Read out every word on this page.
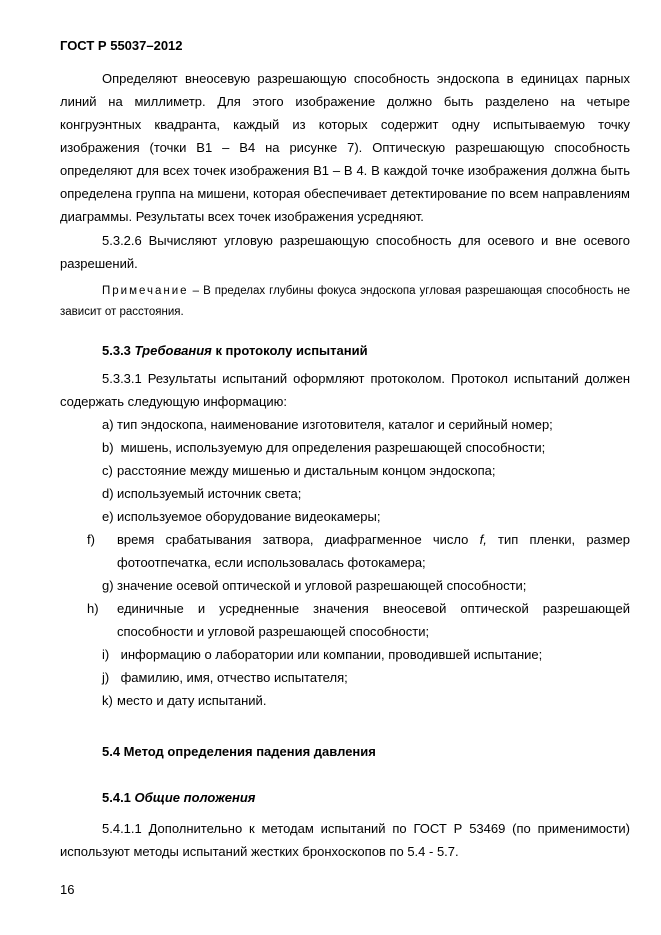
ГОСТ Р 55037–2012
Определяют внеосевую разрешающую способность эндоскопа в единицах парных линий на миллиметр. Для этого изображение должно быть разделено на четыре конгруэнтных квадранта, каждый из которых содержит одну испытываемую точку изображения (точки В1 – В4 на рисунке 7). Оптическую разрешающую способность определяют для всех точек изображения В1 – В 4. В каждой точке изображения должна быть определена группа на мишени, которая обеспечивает детектирование по всем направлениям диаграммы. Результаты всех точек изображения усредняют.
5.3.2.6 Вычисляют угловую разрешающую способность для осевого и вне осевого разрешений.
Примечание – В пределах глубины фокуса эндоскопа угловая разрешающая способность не зависит от расстояния.
5.3.3 Требования к протоколу испытаний
5.3.3.1 Результаты испытаний оформляют протоколом. Протокол испытаний должен содержать следующую информацию:
a) тип эндоскопа, наименование изготовителя, каталог и серийный номер;
b) мишень, используемую для определения разрешающей способности;
c) расстояние между мишенью и дистальным концом эндоскопа;
d) используемый источник света;
e) используемое оборудование видеокамеры;
f) время срабатывания затвора, диафрагменное число f, тип пленки, размер фотоотпечатка, если использовалась фотокамера;
g) значение осевой оптической и угловой разрешающей способности;
h) единичные и усредненные значения внеосевой оптической разрешающей способности и угловой разрешающей способности;
i) информацию о лаборатории или компании, проводившей испытание;
j) фамилию, имя, отчество испытателя;
k) место и дату испытаний.
5.4 Метод определения падения давления
5.4.1 Общие положения
5.4.1.1 Дополнительно к методам испытаний по ГОСТ Р 53469 (по применимости) используют методы испытаний жестких бронхоскопов по 5.4 - 5.7.
16
